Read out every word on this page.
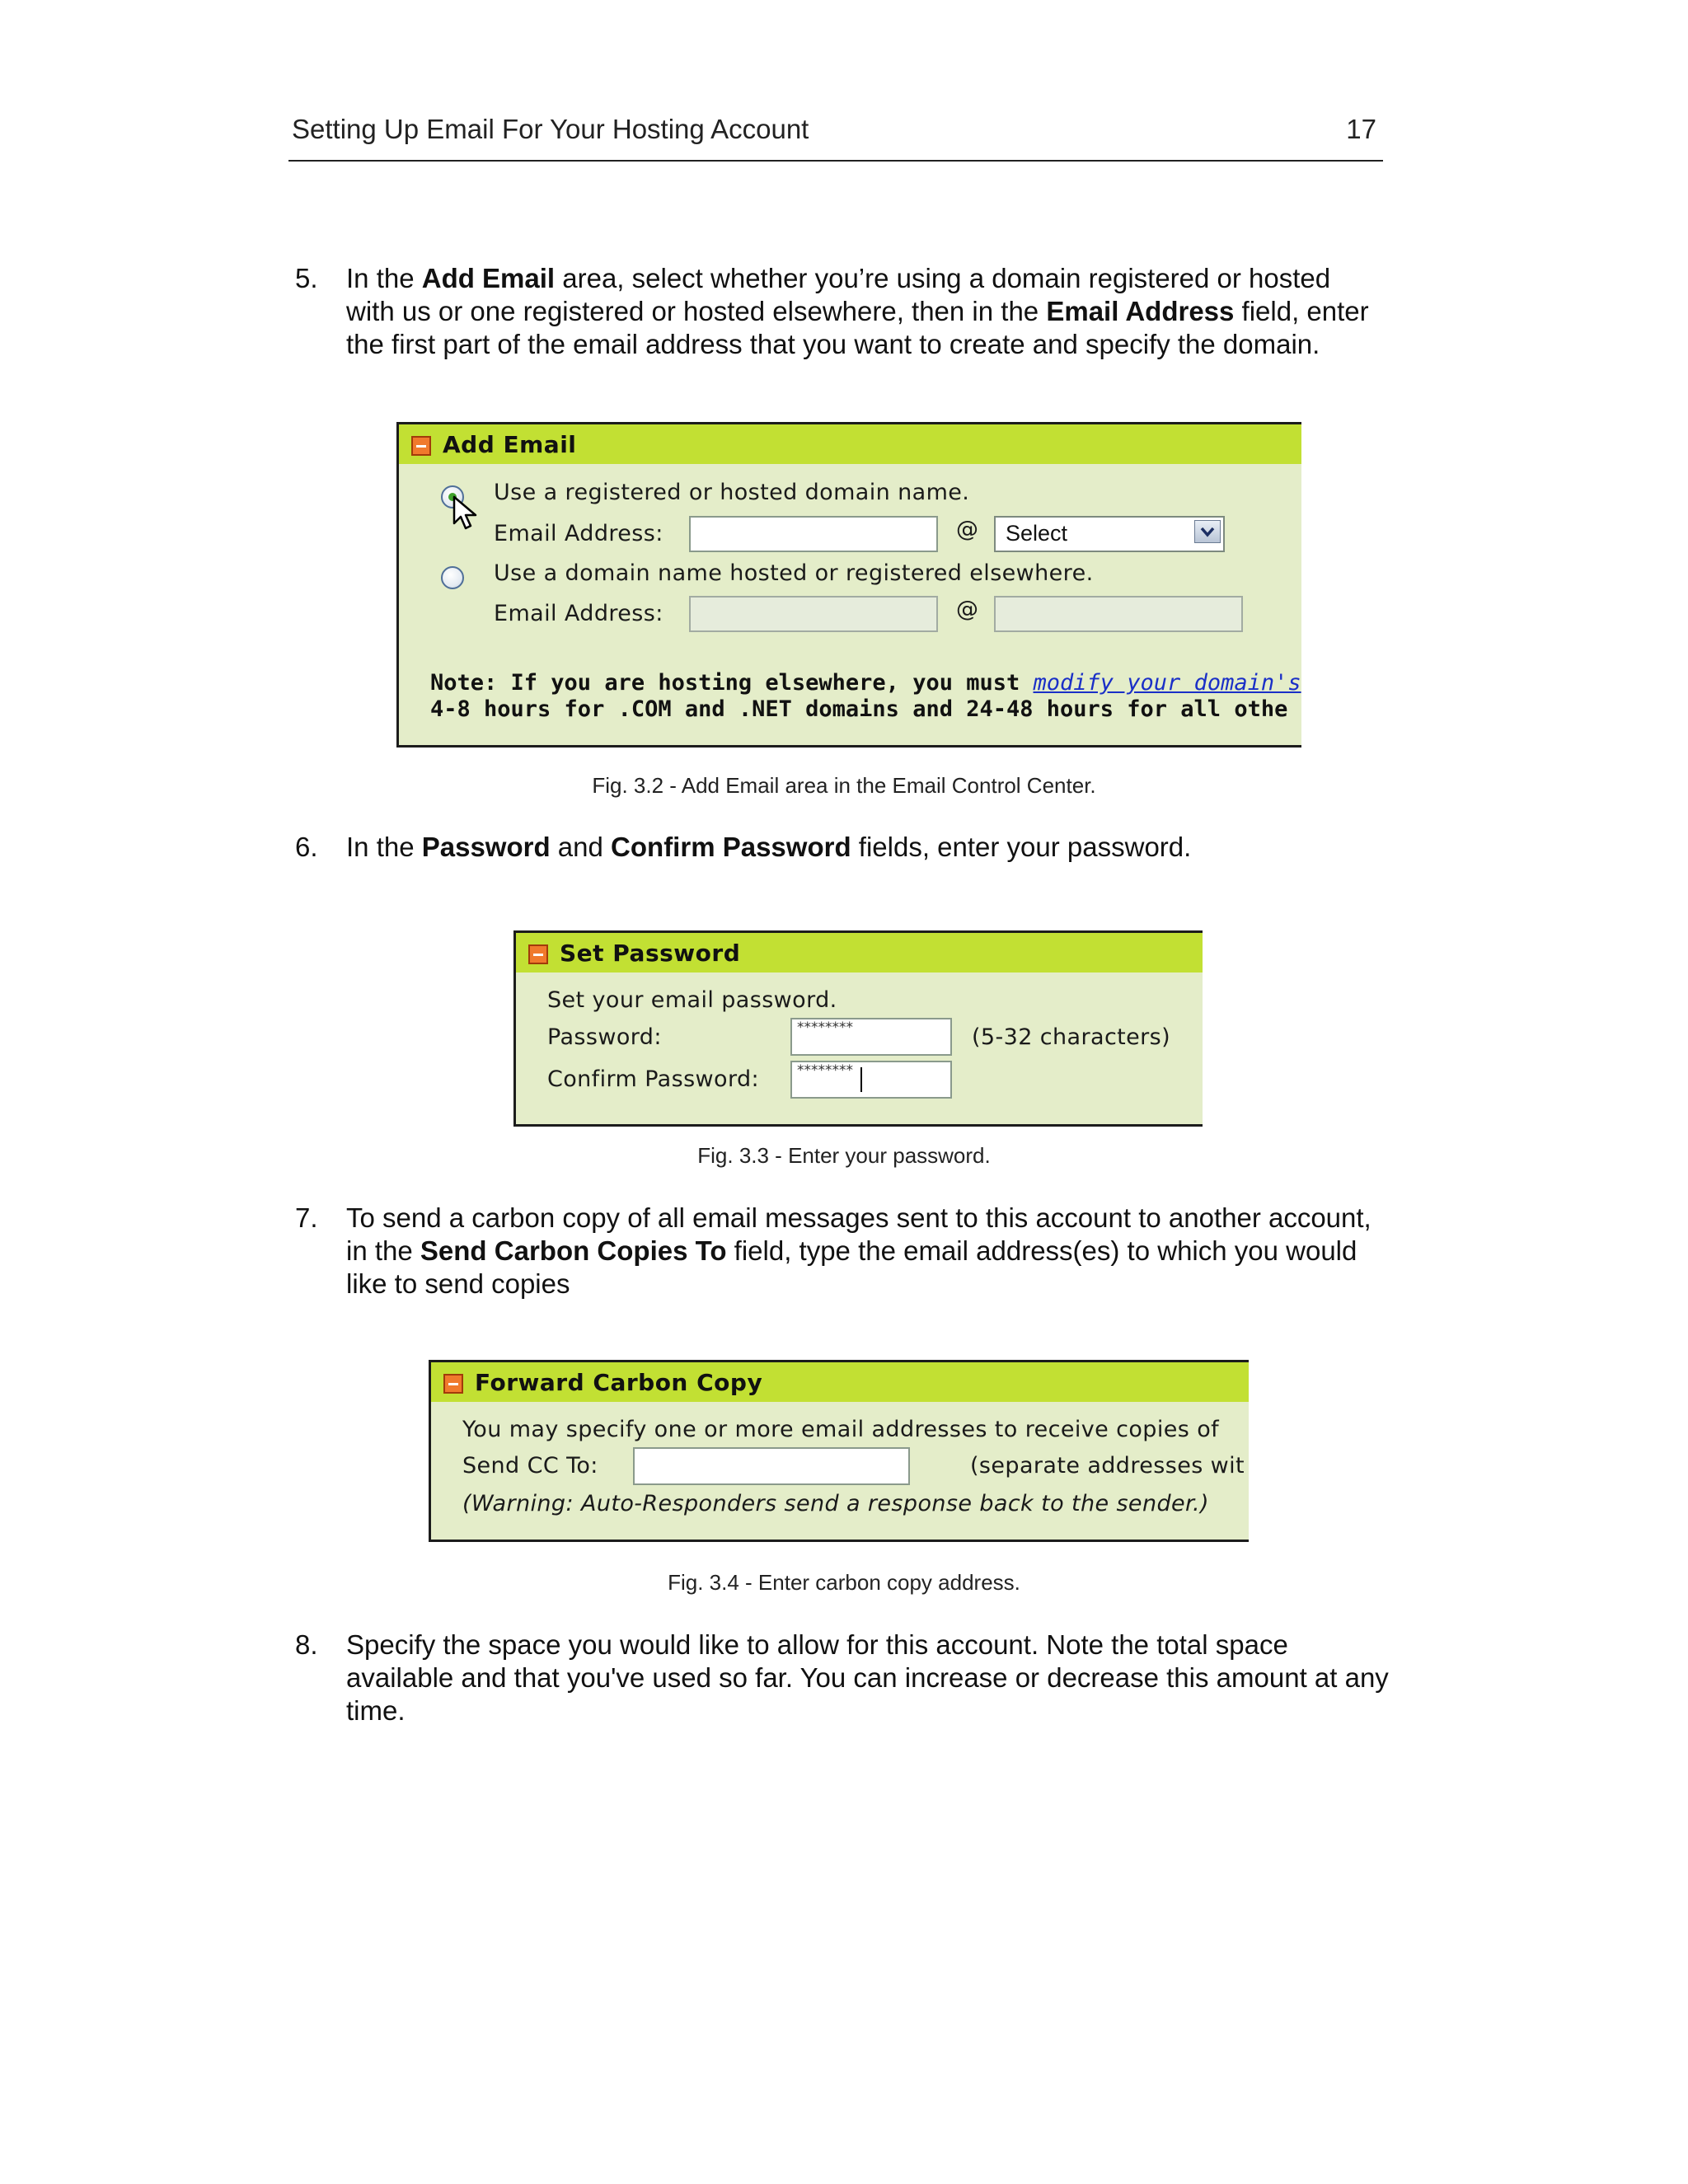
Setting Up Email For Your Hosting Account	17
5. In the Add Email area, select whether you’re using a domain registered or hosted
with us or one registered or hosted elsewhere, then in the Email Address field, enter
the first part of the email address that you want to create and specify the domain.
Add Email
Use a registered or hosted domain name.
Email Address:	@ Select
Use a domain name hosted or registered elsewhere.
Email Address:	@
Note: If you are hosting elsewhere, you must modify your domain's
4-8 hours for .COM and .NET domains and 24-48 hours for all othe
Fig. 3.2 - Add Email area in the Email Control Center.
6. In the Password and Confirm Password fields, enter your password.
Set Password
Set your email password.
Password:	********	(5-32 characters)
Confirm Password:	********
Fig. 3.3 - Enter your password.
7. To send a carbon copy of all email messages sent to this account to another account,
in the Send Carbon Copies To field, type the email address(es) to which you would
like to send copies
Forward Carbon Copy
You may specify one or more email addresses to receive copies of
Send CC To:	(separate addresses wit
(Warning: Auto-Responders send a response back to the sender.)
Fig. 3.4 - Enter carbon copy address.
8. Specify the space you would like to allow for this account. Note the total space
available and that you've used so far. You can increase or decrease this amount at any
time.
